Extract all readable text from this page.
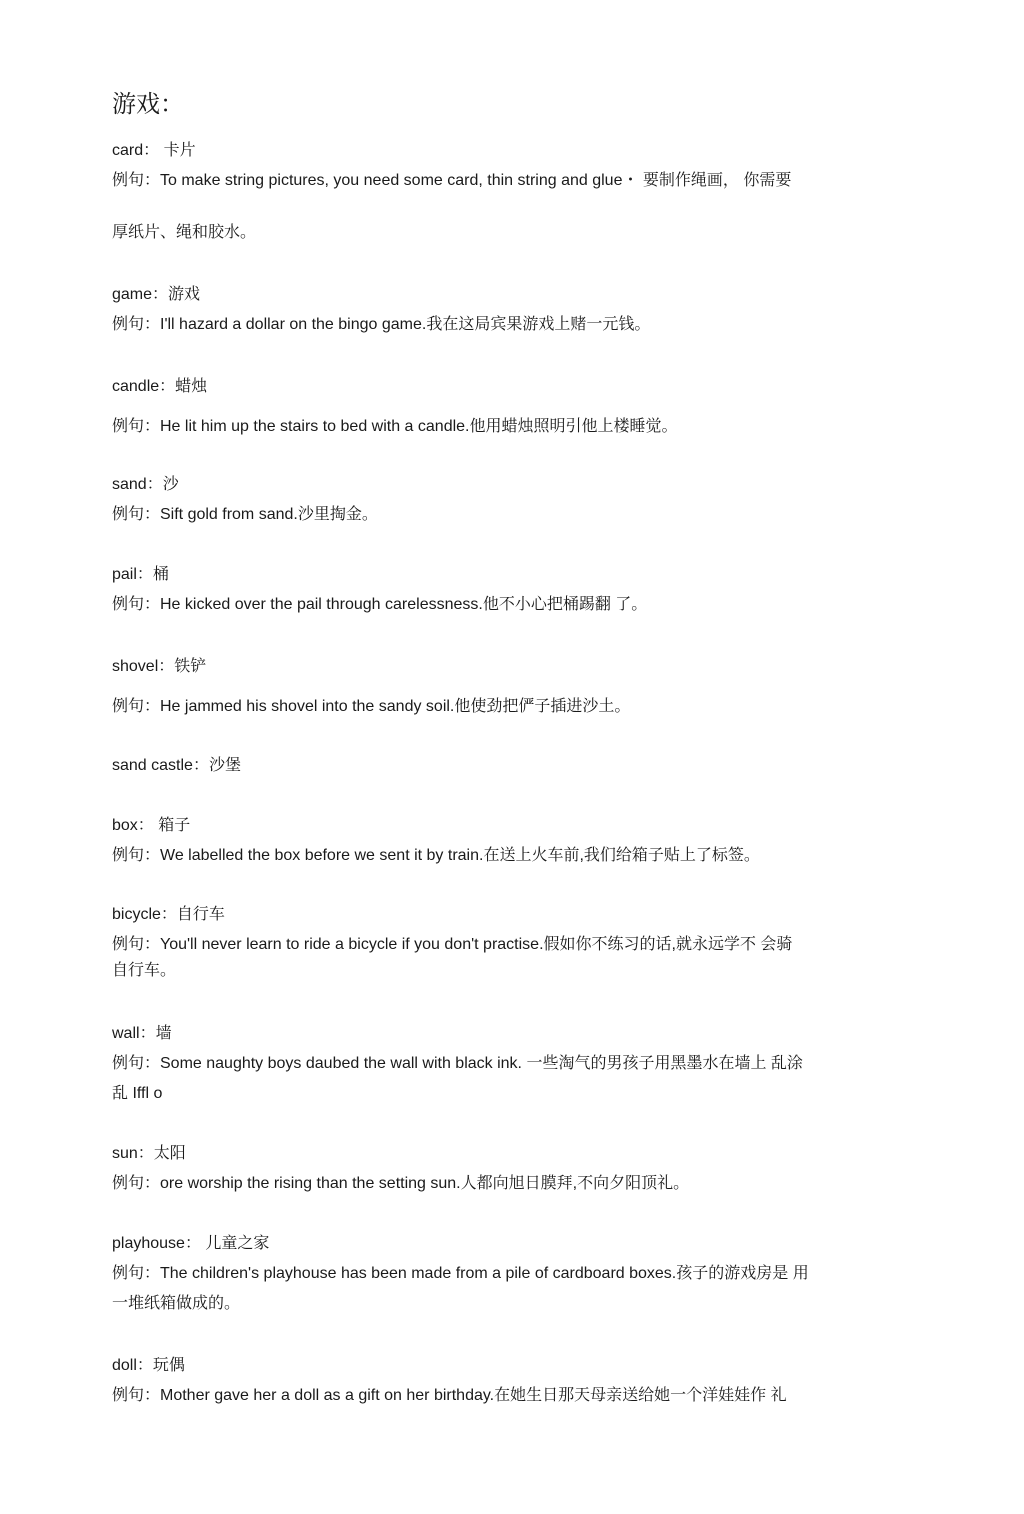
游戏：
card： 卡片
例句：To make string pictures, you need some card, thin string and glue・ 要制作绳画， 你需要
厚纸片、绳和胶水。
game：游戏
例句：I'll hazard a dollar on the bingo game.我在这局宾果游戏上赌一元钱。
candle：蜡烛
例句：He lit him up the stairs to bed with a candle.他用蜡烛照明引他上楼睡觉。
sand：沙
例句：Sift gold from sand.沙里掏金。
pail：桶
例句：He kicked over the pail through carelessness.他不小心把桶踢翻 了。
shovel：铁铲
例句：He jammed his shovel into the sandy soil.他使劲把俨子插进沙土。
sand castle：沙堡
box： 箱子
例句：We labelled the box before we sent it by train.在送上火车前,我们给箱子贴上了标签。
bicycle：自行车
例句：You'll never learn to ride a bicycle if you don't practise.假如你不练习的话,就永远学不 会骑
自行车。
wall：墙
例句：Some naughty boys daubed the wall with black ink. 一些淘气的男孩子用黑墨水在墙上 乱涂
乱 Iffl o
sun：太阳
例句：ore worship the rising than the setting sun.人都向旭日膜拜,不向夕阳顶礼。
playhouse： 儿童之家
例句：The children's playhouse has been made from a pile of cardboard boxes.孩子的游戏房是 用
一堆纸箱做成的。
doll：玩偶
例句：Mother gave her a doll as a gift on her birthday.在她生日那天母亲送给她一个洋娃娃作 礼
